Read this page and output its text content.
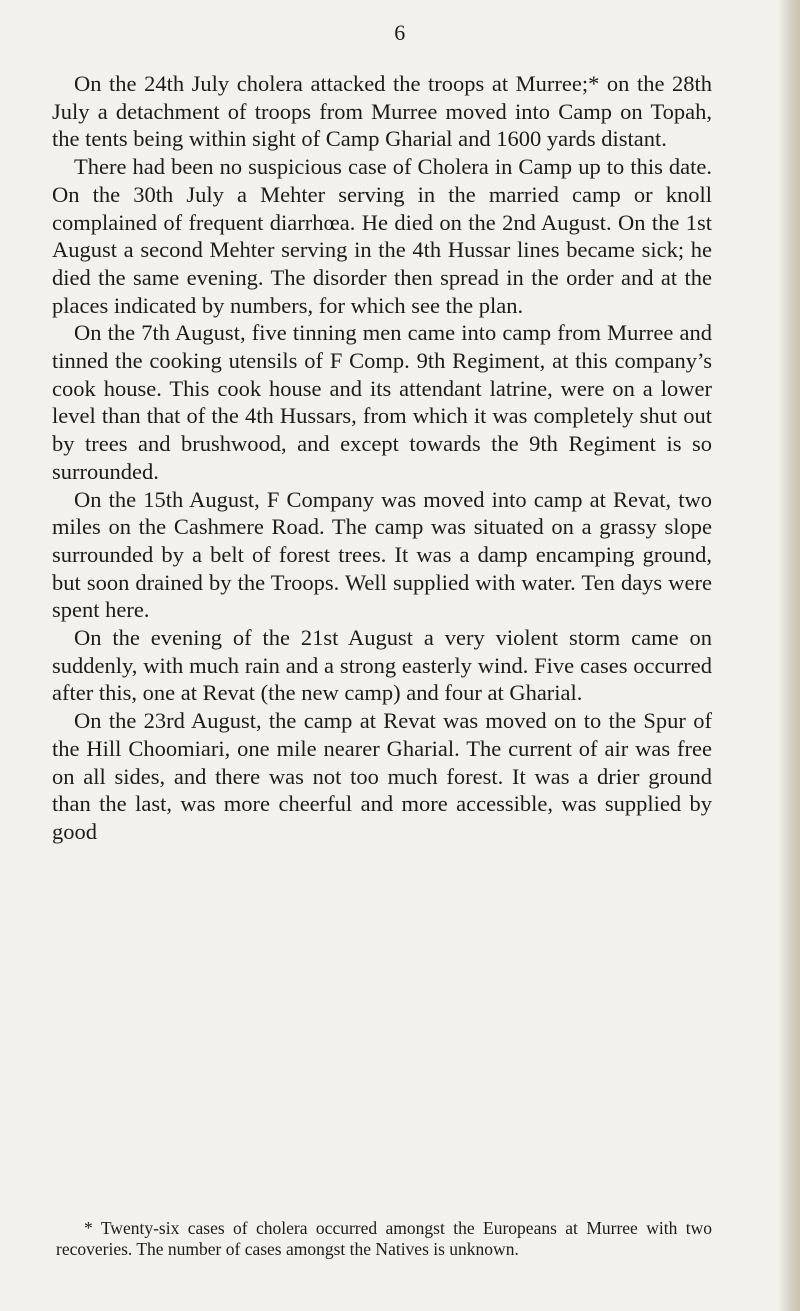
6

On the 24th July cholera attacked the troops at Murree;* on the 28th July a detachment of troops from Murree moved into Camp on Topah, the tents being within sight of Camp Gharial and 1600 yards distant.

There had been no suspicious case of Cholera in Camp up to this date. On the 30th July a Mehter serving in the married camp or knoll complained of frequent diarrhœa. He died on the 2nd August. On the 1st August a second Mehter serving in the 4th Hussar lines became sick; he died the same evening. The disorder then spread in the order and at the places indicated by numbers, for which see the plan.

On the 7th August, five tinning men came into camp from Murree and tinned the cooking utensils of F Comp. 9th Regiment, at this company’s cook house. This cook house and its attendant latrine, were on a lower level than that of the 4th Hussars, from which it was completely shut out by trees and brushwood, and except towards the 9th Regiment is so surrounded.

On the 15th August, F Company was moved into camp at Revat, two miles on the Cashmere Road. The camp was situated on a grassy slope surrounded by a belt of forest trees. It was a damp encamping ground, but soon drained by the Troops. Well supplied with water. Ten days were spent here.

On the evening of the 21st August a very violent storm came on suddenly, with much rain and a strong easterly wind. Five cases occurred after this, one at Revat (the new camp) and four at Gharial.

On the 23rd August, the camp at Revat was moved on to the Spur of the Hill Choomiari, one mile nearer Gharial. The current of air was free on all sides, and there was not too much forest. It was a drier ground than the last, was more cheerful and more accessible, was supplied by good

* Twenty-six cases of cholera occurred amongst the Europeans at Murree with two recoveries. The number of cases amongst the Natives is unknown.
